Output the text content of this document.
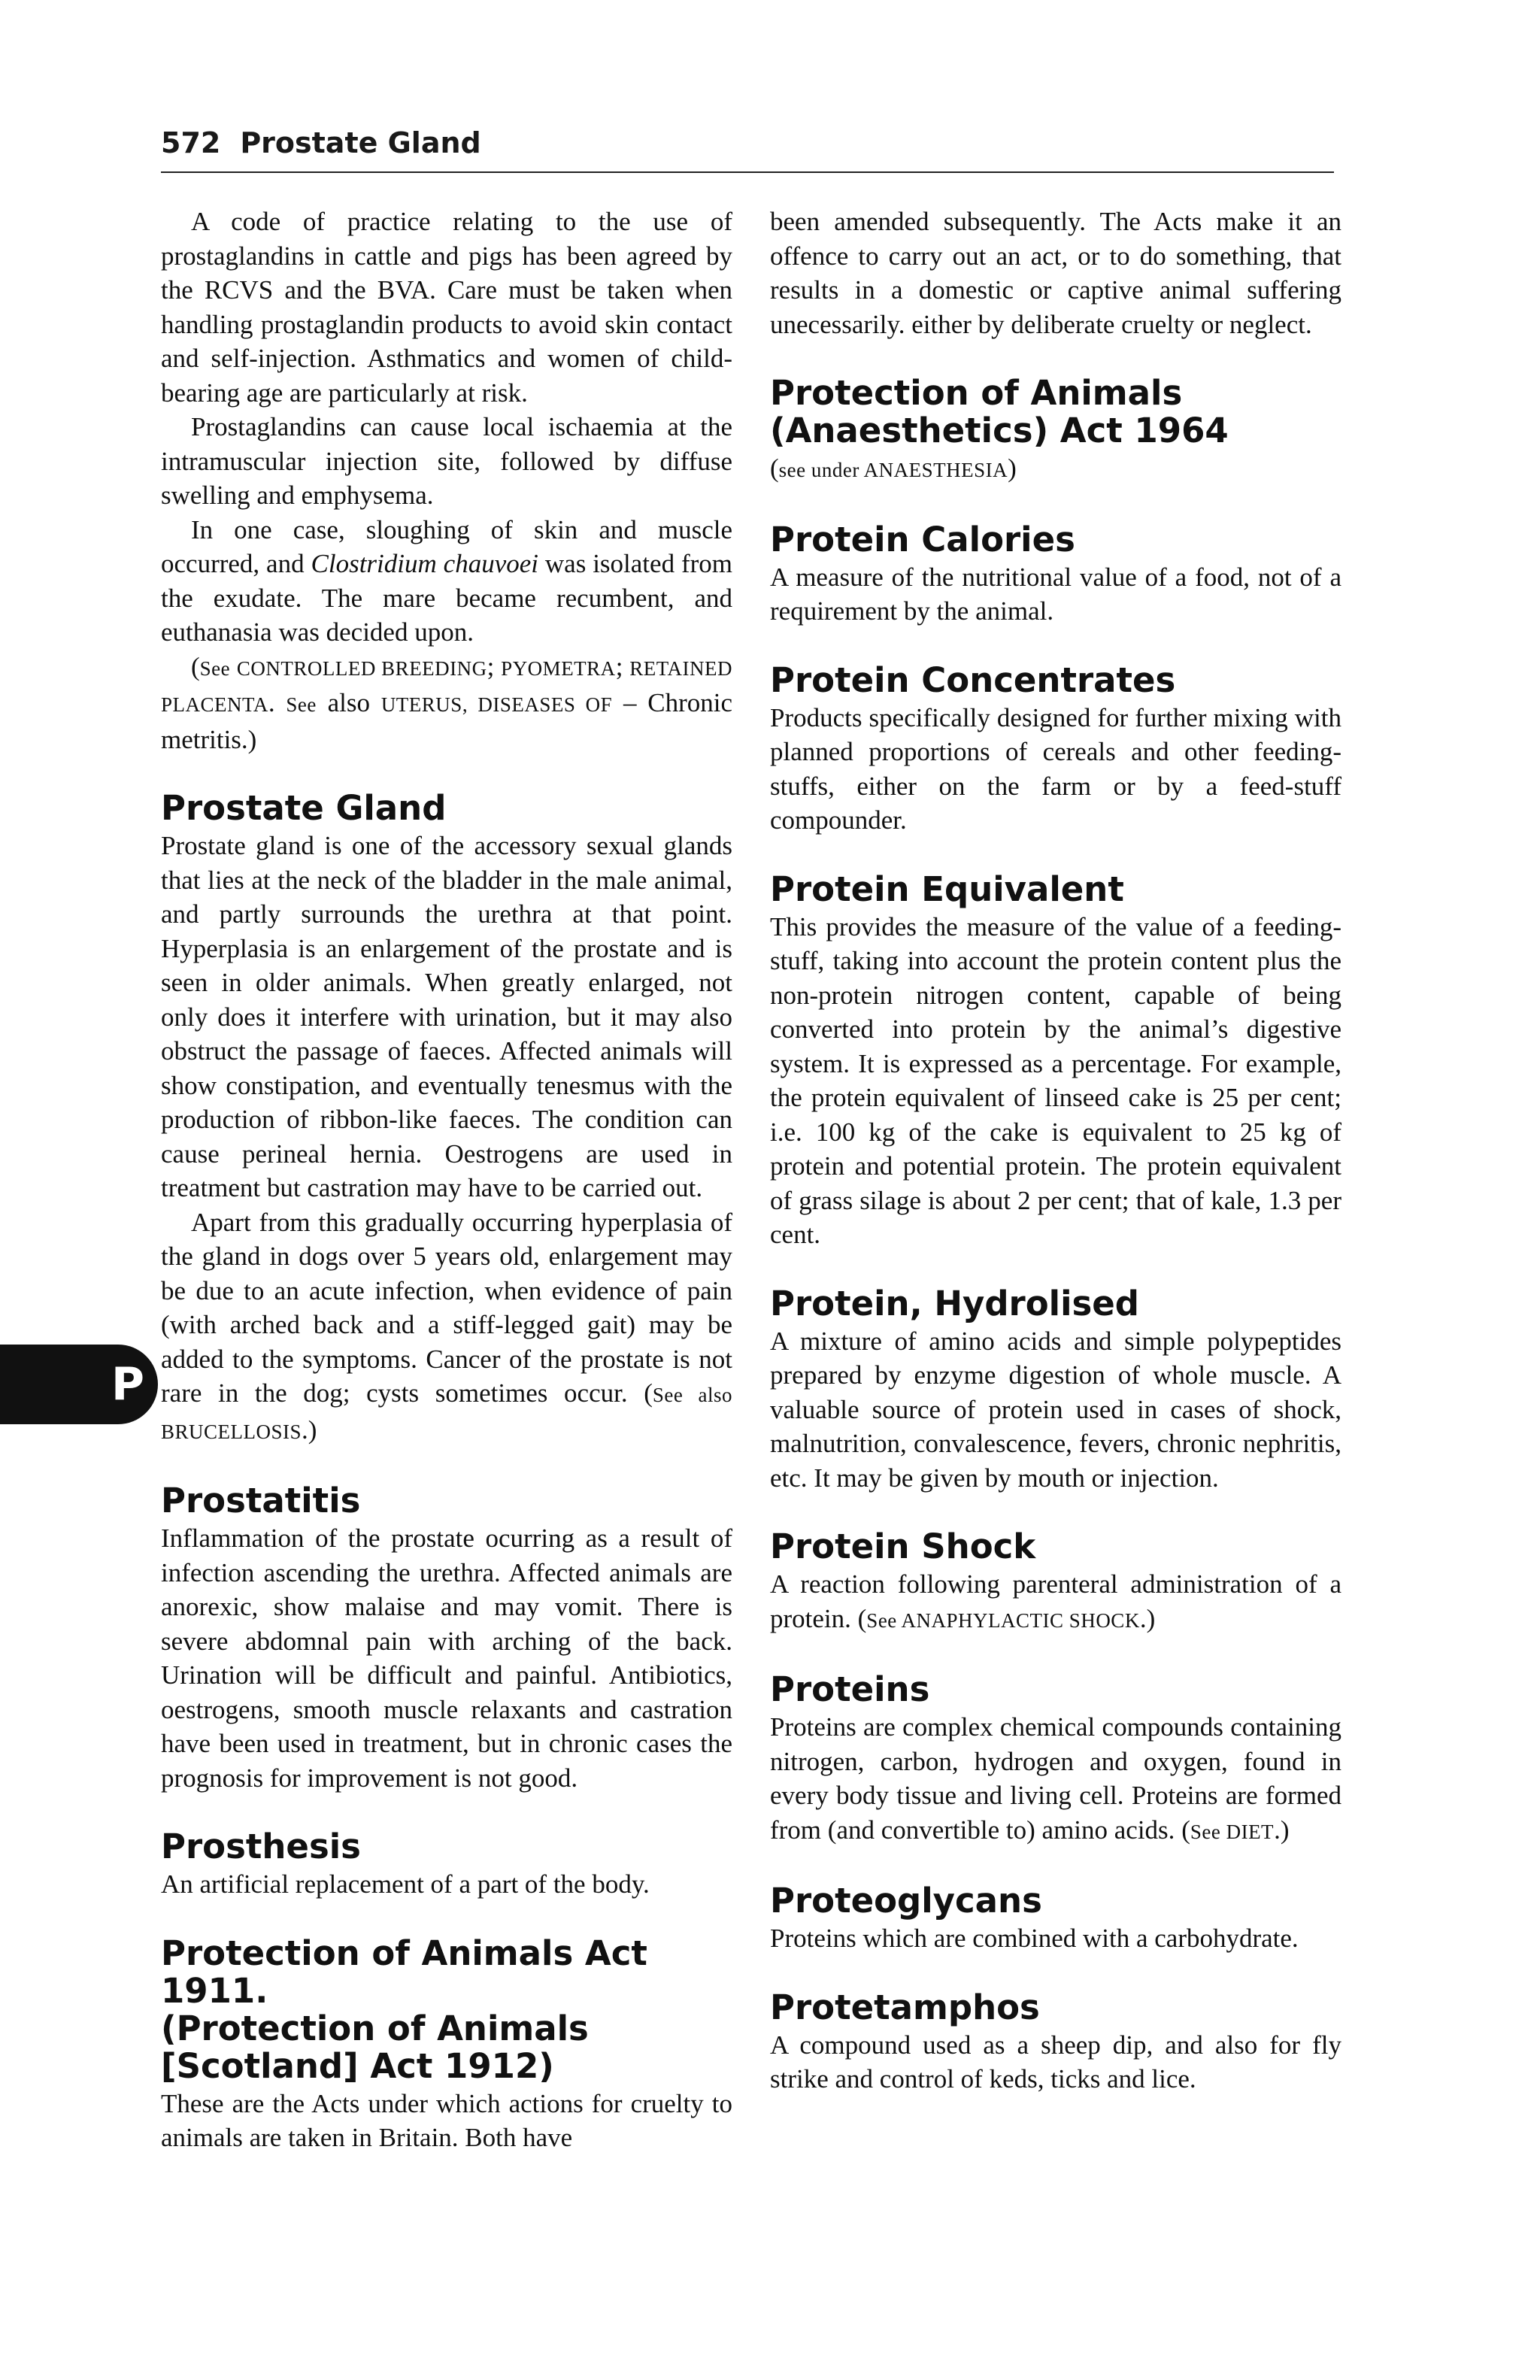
572 Prostate Gland
P

A code of practice relating to the use of prostaglandins in cattle and pigs has been agreed by the RCVS and the BVA. Care must be taken when handling prostaglandin products to avoid skin contact and self-injection. Asthmatics and women of child-bearing age are particularly at risk.

Prostaglandins can cause local ischaemia at the intramuscular injection site, followed by diffuse swelling and emphysema.

In one case, sloughing of skin and muscle occurred, and Clostridium chauvoei was isolated from the exudate. The mare became recumbent, and euthanasia was decided upon.

(See CONTROLLED BREEDING; PYOMETRA; RETAINED PLACENTA. See also UTERUS, DISEASES OF – Chronic metritis.)

Prostate Gland

Prostate gland is one of the accessory sexual glands that lies at the neck of the bladder in the male animal, and partly surrounds the urethra at that point. Hyperplasia is an enlargement of the prostate and is seen in older animals. When greatly enlarged, not only does it interfere with urination, but it may also obstruct the passage of faeces. Affected animals will show constipation, and eventually tenesmus with the production of ribbon-like faeces. The condition can cause perineal hernia. Oestrogens are used in treatment but castration may have to be carried out.

Apart from this gradually occurring hyperplasia of the gland in dogs over 5 years old, enlargement may be due to an acute infection, when evidence of pain (with arched back and a stiff-legged gait) may be added to the symptoms. Cancer of the prostate is not rare in the dog; cysts sometimes occur. (See also BRUCELLOSIS.)

Prostatitis

Inflammation of the prostate ocurring as a result of infection ascending the urethra. Affected animals are anorexic, show malaise and may vomit. There is severe abdomnal pain with arching of the back. Urination will be difficult and painful. Antibiotics, oestrogens, smooth muscle relaxants and castration have been used in treatment, but in chronic cases the prognosis for improvement is not good.

Prosthesis

An artificial replacement of a part of the body.

Protection of Animals Act 1911.
(Protection of Animals
[Scotland] Act 1912)

These are the Acts under which actions for cruelty to animals are taken in Britain. Both have

been amended subsequently. The Acts make it an offence to carry out an act, or to do something, that results in a domestic or captive animal suffering unecessarily. either by deliberate cruelty or neglect.

Protection of Animals
(Anaesthetics) Act 1964

(see under ANAESTHESIA)

Protein Calories

A measure of the nutritional value of a food, not of a requirement by the animal.

Protein Concentrates

Products specifically designed for further mixing with planned proportions of cereals and other feeding-stuffs, either on the farm or by a feed-stuff compounder.

Protein Equivalent

This provides the measure of the value of a feeding-stuff, taking into account the protein content plus the non-protein nitrogen content, capable of being converted into protein by the animal’s digestive system. It is expressed as a percentage. For example, the protein equivalent of linseed cake is 25 per cent; i.e. 100 kg of the cake is equivalent to 25 kg of protein and potential protein. The protein equivalent of grass silage is about 2 per cent; that of kale, 1.3 per cent.

Protein, Hydrolised

A mixture of amino acids and simple polypeptides prepared by enzyme digestion of whole muscle. A valuable source of protein used in cases of shock, malnutrition, convalescence, fevers, chronic nephritis, etc. It may be given by mouth or injection.

Protein Shock

A reaction following parenteral administration of a protein. (See ANAPHYLACTIC SHOCK.)

Proteins

Proteins are complex chemical compounds containing nitrogen, carbon, hydrogen and oxygen, found in every body tissue and living cell. Proteins are formed from (and convertible to) amino acids. (See DIET.)

Proteoglycans

Proteins which are combined with a carbohydrate.

Protetamphos

A compound used as a sheep dip, and also for fly strike and control of keds, ticks and lice.
